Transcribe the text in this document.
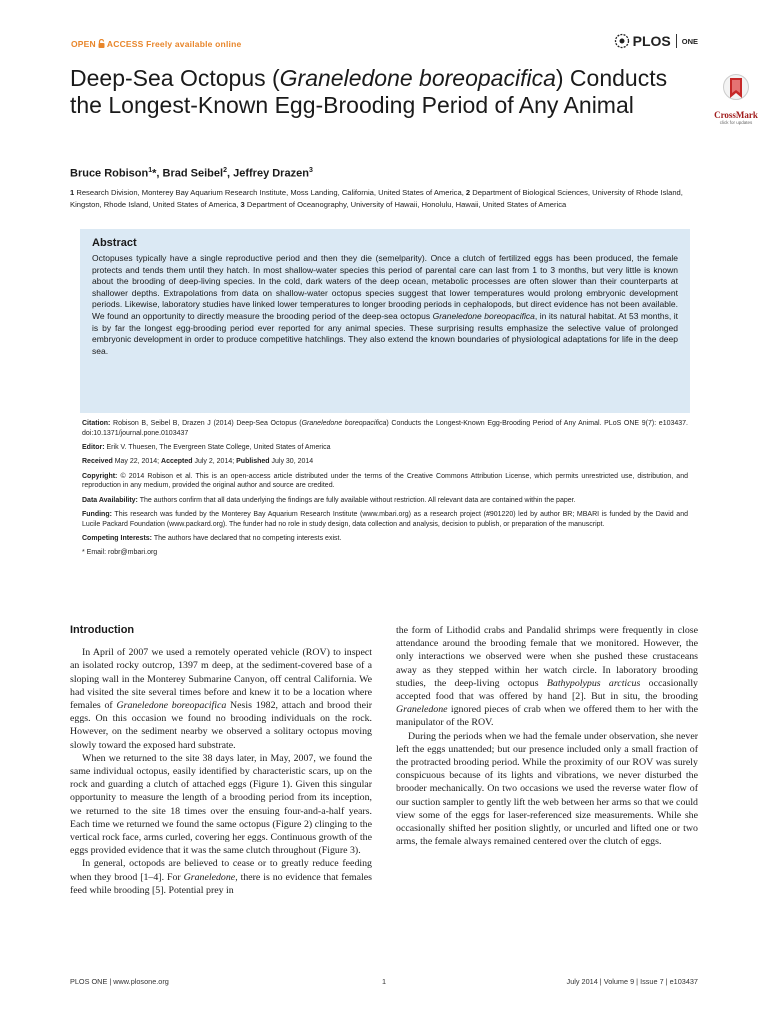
OPEN ACCESS Freely available online	PLOS ONE
Deep-Sea Octopus (Graneledone boreopacifica) Conducts the Longest-Known Egg-Brooding Period of Any Animal	CrossMark
click for updates
Bruce Robison$^1$*, Brad Seibel$^2$, Jeffrey Drazen$^3$
1 Research Division, Monterey Bay Aquarium Research Institute, Moss Landing, California, United States of America, 2 Department of Biological Sciences, University of Rhode Island, Kingston, Rhode Island, United States of America, 3 Department of Oceanography, University of Hawaii, Honolulu, Hawaii, United States of America
Abstract

Octopuses typically have a single reproductive period and then they die (semelparity). Once a clutch of fertilized eggs has been produced, the female protects and tends them until they hatch. In most shallow-water species this period of parental care can last from 1 to 3 months, but very little is known about the brooding of deep-living species. In the cold, dark waters of the deep ocean, metabolic processes are often slower than their counterparts at shallower depths. Extrapolations from data on shallow-water octopus species suggest that lower temperatures would prolong embryonic development periods. Likewise, laboratory studies have linked lower temperatures to longer brooding periods in cephalopods, but direct evidence has not been available. We found an opportunity to directly measure the brooding period of the deep-sea octopus Graneledone boreopacifica, in its natural habitat. At 53 months, it is by far the longest egg-brooding period ever reported for any animal species. These surprising results emphasize the selective value of prolonged embryonic development in order to produce competitive hatchlings. They also extend the known boundaries of physiological adaptations for life in the deep sea.

Citation: Robison B, Seibel B, Drazen J (2014) Deep-Sea Octopus (Graneledone boreopacifica) Conducts the Longest-Known Egg-Brooding Period of Any Animal. PLoS ONE 9(7): e103437. doi:10.1371/journal.pone.0103437

Editor: Erik V. Thuesen, The Evergreen State College, United States of America

Received May 22, 2014; Accepted July 2, 2014; Published July 30, 2014

Copyright: © 2014 Robison et al. This is an open-access article distributed under the terms of the Creative Commons Attribution License, which permits unrestricted use, distribution, and reproduction in any medium, provided the original author and source are credited.

Data Availability: The authors confirm that all data underlying the findings are fully available without restriction. All relevant data are contained within the paper.

Funding: This research was funded by the Monterey Bay Aquarium Research Institute (www.mbari.org) as a research project (#901220) led by author BR; MBARI is funded by the David and Lucile Packard Foundation (www.packard.org). The funder had no role in study design, data collection and analysis, decision to publish, or preparation of the manuscript.

Competing Interests: The authors have declared that no competing interests exist.

* Email: robr@mbari.org

Introduction

In April of 2007 we used a remotely operated vehicle (ROV) to inspect an isolated rocky outcrop, 1397 m deep, at the sediment-covered base of a sloping wall in the Monterey Submarine Canyon, off central California. We had visited the site several times before and knew it to be a location where females of Graneledone boreopacifica Nesis 1982, attach and brood their eggs. On this occasion we found no brooding individuals on the rock. However, on the sediment nearby we observed a solitary octopus moving slowly toward the exposed hard substrate.

When we returned to the site 38 days later, in May, 2007, we found the same individual octopus, easily identified by characteristic scars, up on the rock and guarding a clutch of attached eggs (Figure 1). Given this singular opportunity to measure the length of a brooding period from its inception, we returned to the site 18 times over the ensuing four-and-a-half years. Each time we returned we found the same octopus (Figure 2) clinging to the vertical rock face, arms curled, covering her eggs. Continuous growth of the eggs provided evidence that it was the same clutch throughout (Figure 3).

In general, octopods are believed to cease or to greatly reduce feeding when they brood [1–4]. For Graneledone, there is no evidence that females feed while brooding [5]. Potential prey in

the form of Lithodid crabs and Pandalid shrimps were frequently in close attendance around the brooding female that we monitored. However, the only interactions we observed were when she pushed these crustaceans away as they stepped within her watch circle. In laboratory brooding studies, the deep-living octopus Bathypolypus arcticus occasionally accepted food that was offered by hand [2]. But in situ, the brooding Graneledone ignored pieces of crab when we offered them to her with the manipulator of the ROV.

During the periods when we had the female under observation, she never left the eggs unattended; but our presence included only a small fraction of the protracted brooding period. While the proximity of our ROV was surely conspicuous because of its lights and vibrations, we never disturbed the brooder mechanically. On two occasions we used the reverse water flow of our suction sampler to gently lift the web between her arms so that we could view some of the eggs for laser-referenced size measurements. While she occasionally shifted her position slightly, or uncurled and lifted one or two arms, the female always remained centered over the clutch of eggs.

PLOS ONE | www.plosone.org	1	July 2014 | Volume 9 | Issue 7 | e103437
